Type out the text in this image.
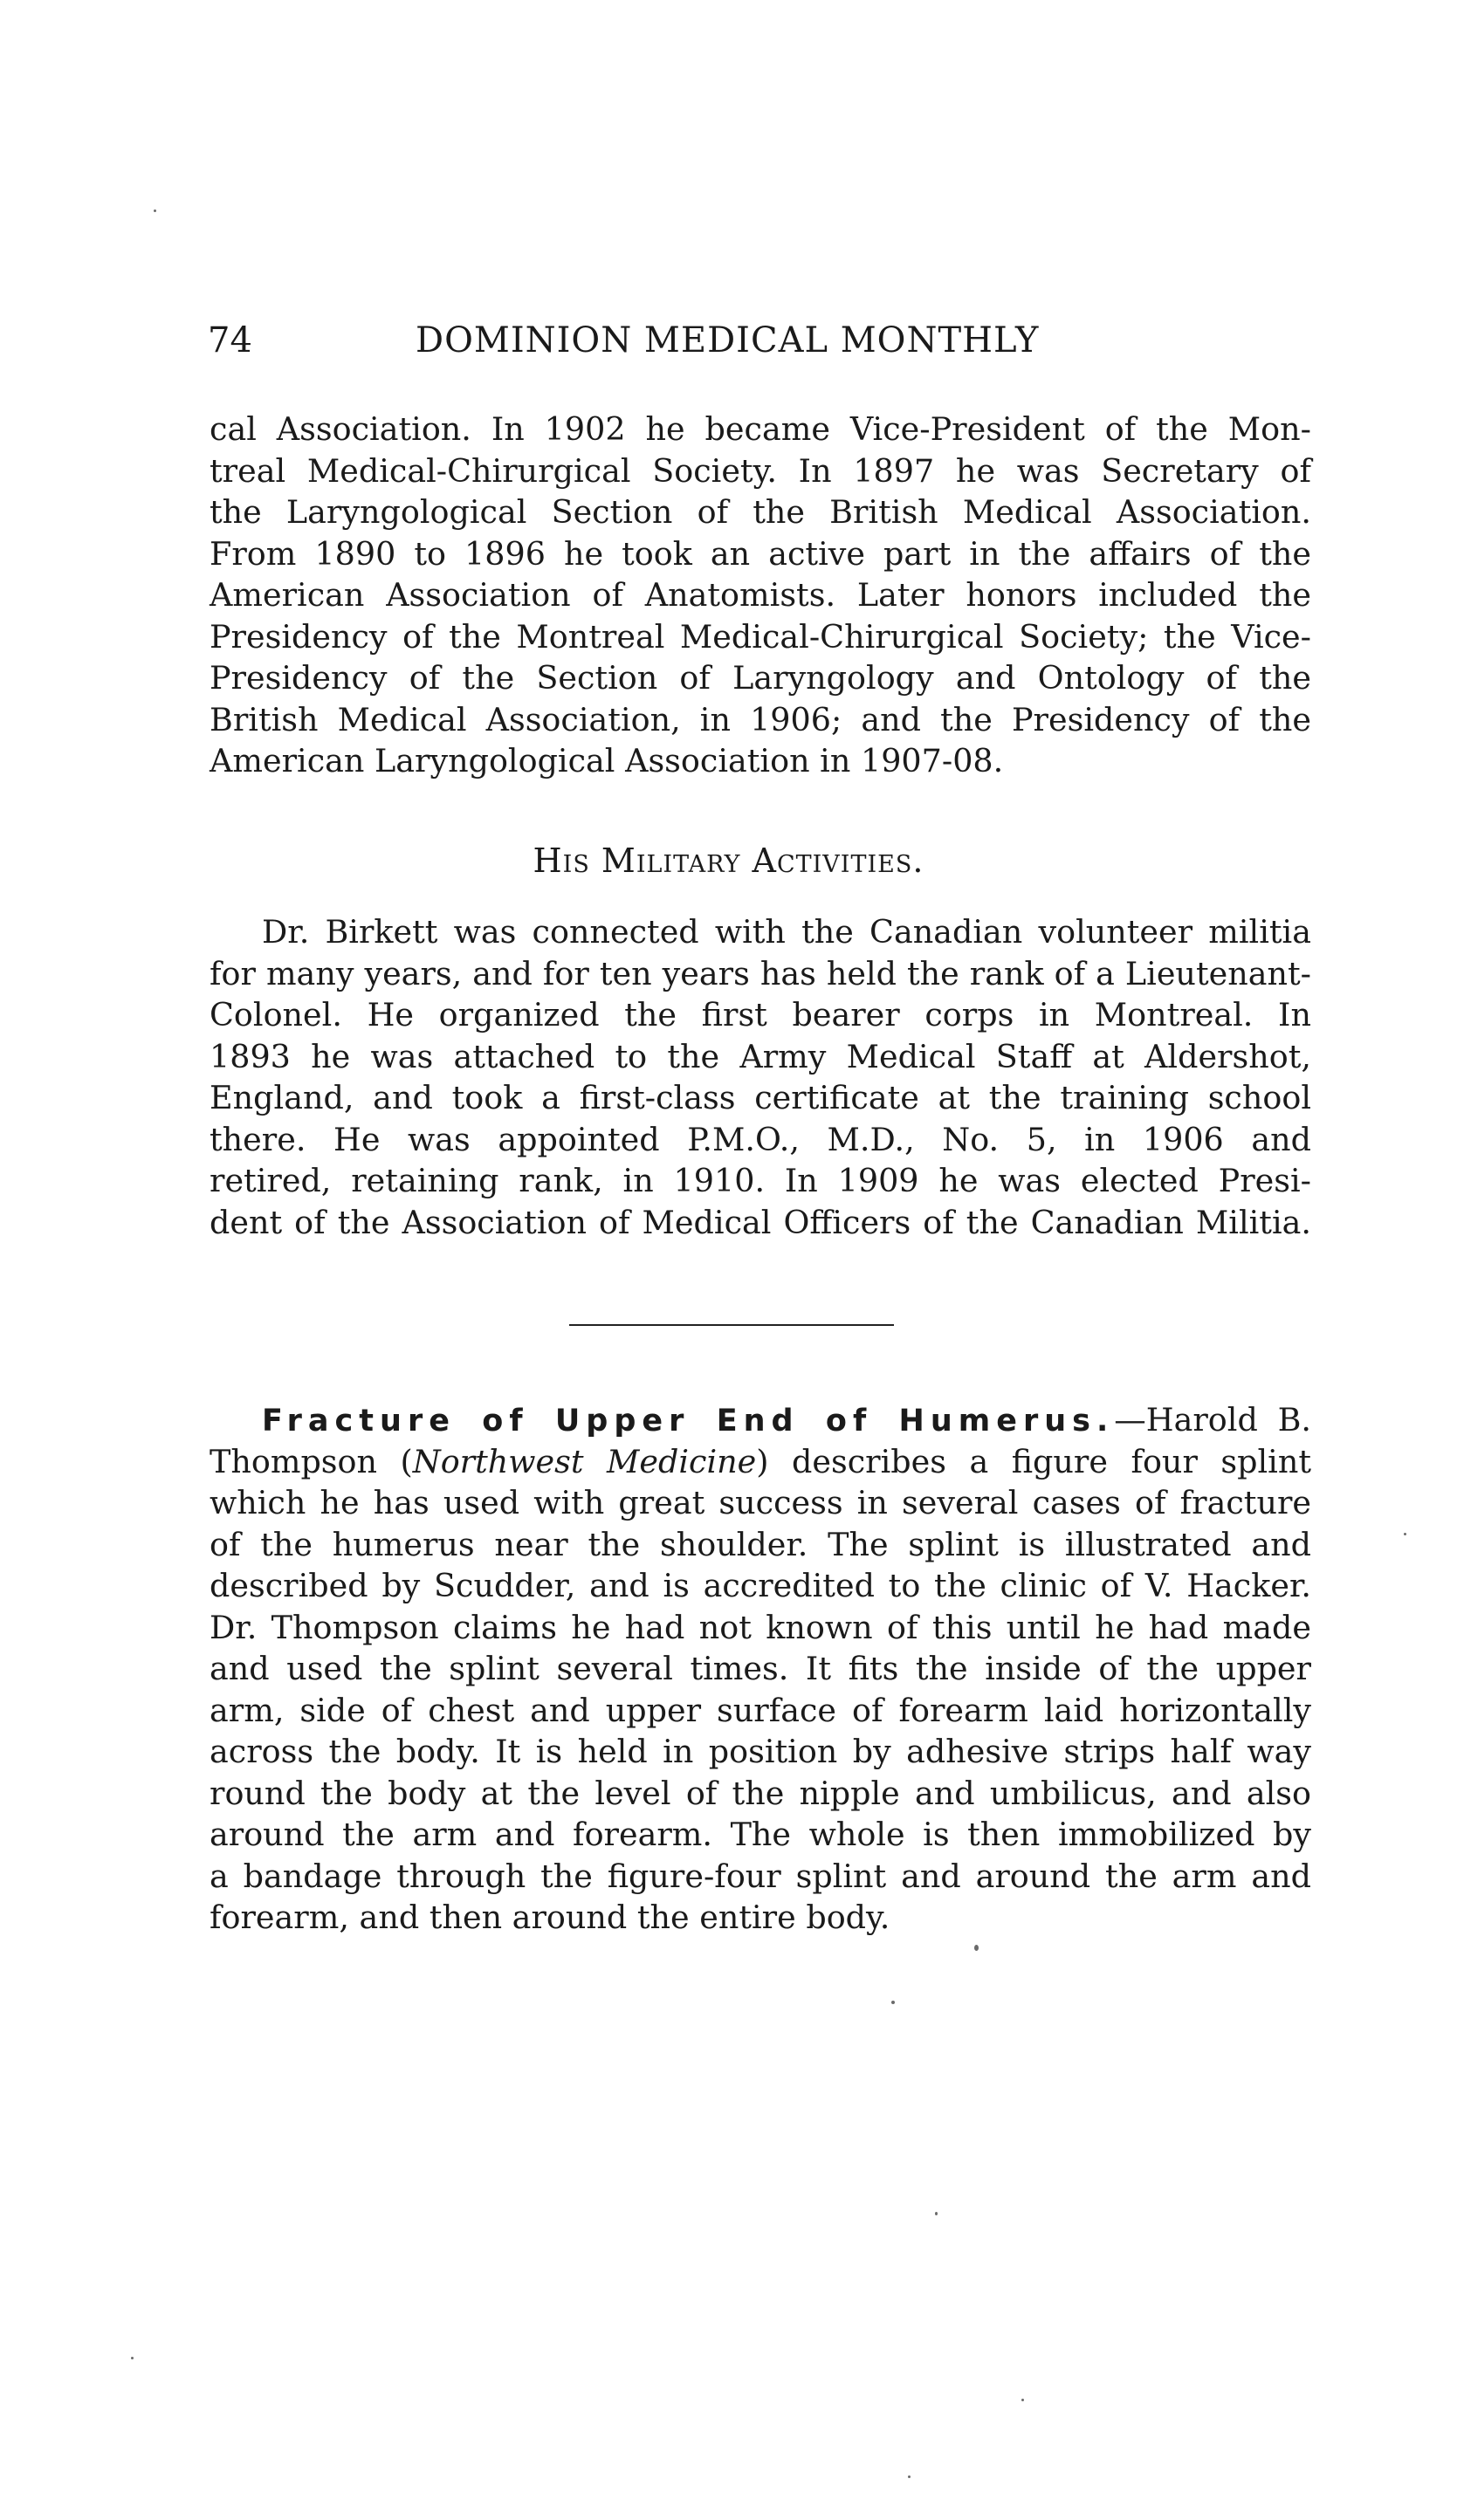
74	DOMINION MEDICAL MONTHLY
cal Association. In 1902 he became Vice-President of the Mon-
treal Medical-Chirurgical Society. In 1897 he was Secretary of
the Laryngological Section of the British Medical Association.
From 1890 to 1896 he took an active part in the affairs of the
American Association of Anatomists. Later honors included the
Presidency of the Montreal Medical-Chirurgical Society; the Vice-
Presidency of the Section of Laryngology and Ontology of the
British Medical Association, in 1906; and the Presidency of the
American Laryngological Association in 1907-08.
His Military Activities.
Dr. Birkett was connected with the Canadian volunteer militia
for many years, and for ten years has held the rank of a Lieutenant-
Colonel. He organized the first bearer corps in Montreal. In
1893 he was attached to the Army Medical Staff at Aldershot,
England, and took a first-class certificate at the training school
there. He was appointed P.M.O., M.D., No. 5, in 1906 and
retired, retaining rank, in 1910. In 1909 he was elected Presi-
dent of the Association of Medical Officers of the Canadian Militia.
Fracture of Upper End of Humerus.—Harold B.
Thompson (Northwest Medicine) describes a figure four splint
which he has used with great success in several cases of fracture
of the humerus near the shoulder. The splint is illustrated and
described by Scudder, and is accredited to the clinic of V. Hacker.
Dr. Thompson claims he had not known of this until he had made
and used the splint several times. It fits the inside of the upper
arm, side of chest and upper surface of forearm laid horizontally
across the body. It is held in position by adhesive strips half way
round the body at the level of the nipple and umbilicus, and also
around the arm and forearm. The whole is then immobilized by
a bandage through the figure-four splint and around the arm and
forearm, and then around the entire body.
